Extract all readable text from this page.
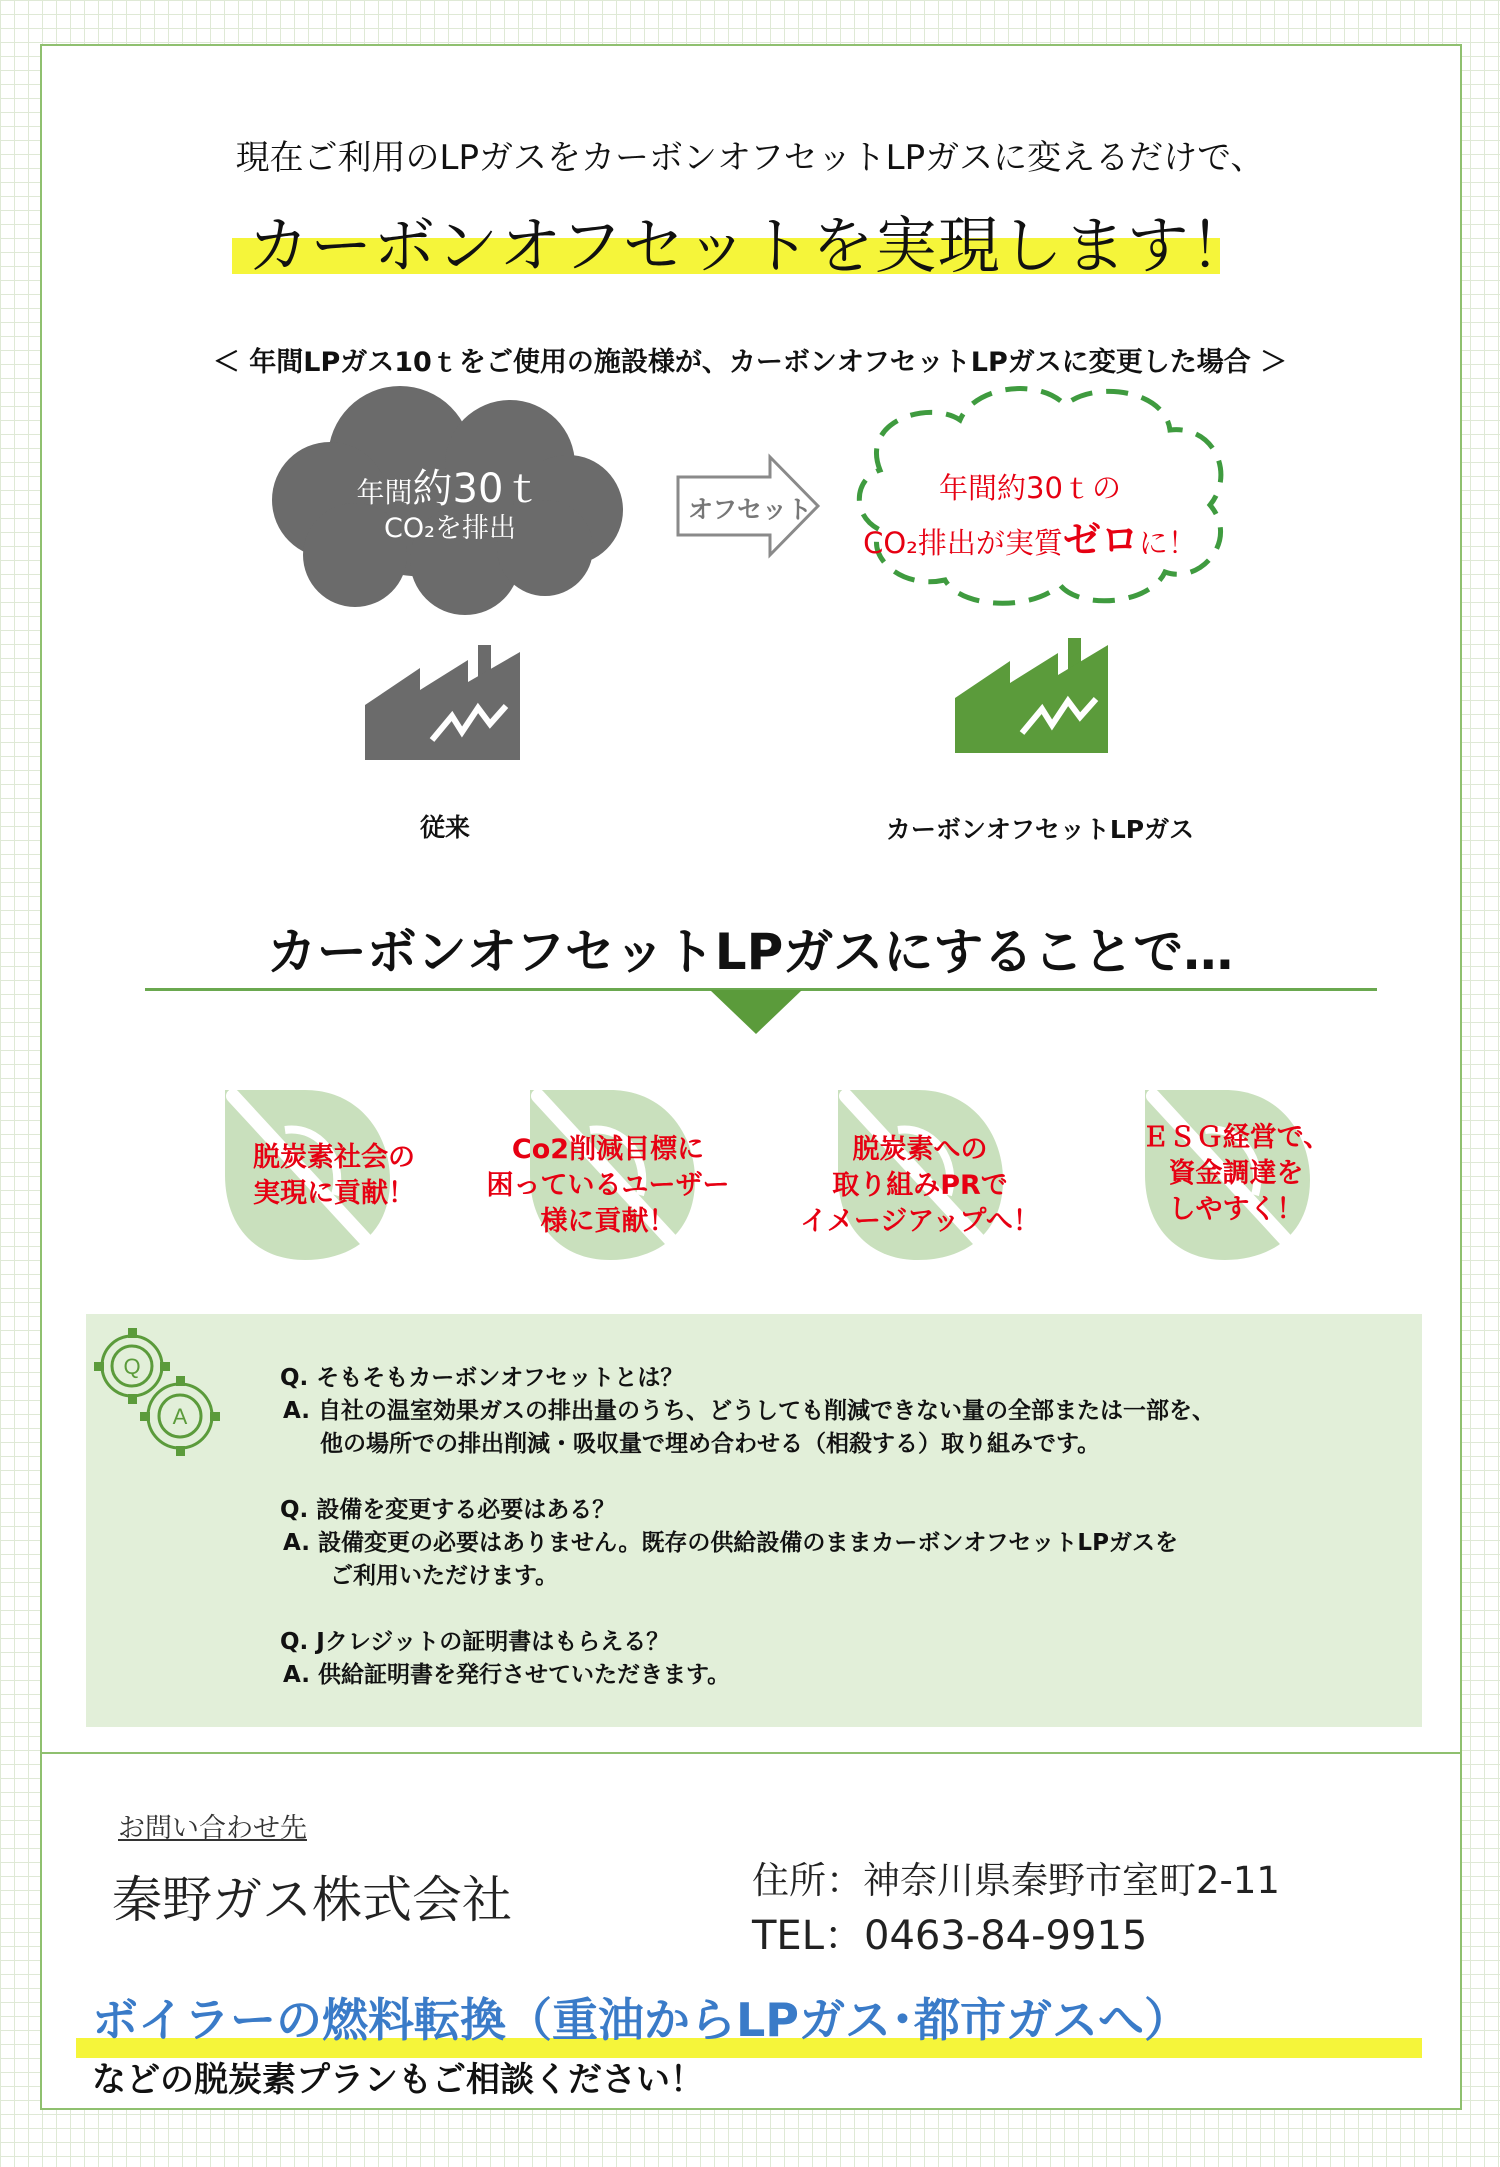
現在ご利用のLPガスをカーボンオフセットLPガスに変えるだけで、
カーボンオフセットを実現します！
＜ 年間LPガス10ｔをご使用の施設様が、カーボンオフセットLPガスに変更した場合 ＞
年間約30ｔ
CO₂を排出
オフセット
年間約30ｔの
CO₂排出が実質ゼロに！
従来	カーボンオフセットLPガス
カーボンオフセットLPガスにすることで…
脱炭素社会の
実現に貢献！
Co2削減目標に
困っているユーザー
様に貢献！
脱炭素への
取り組みPRで
イメージアップへ！
ＥＳＧ経営で、
資金調達を
しやすく！
Q
A
Q. そもそもカーボンオフセットとは？
A. 自社の温室効果ガスの排出量のうち、どうしても削減できない量の全部または一部を、
他の場所での排出削減・吸収量で埋め合わせる（相殺する）取り組みです。
Q. 設備を変更する必要はある？
A. 設備変更の必要はありません。既存の供給設備のままカーボンオフセットLPガスを
ご利用いただけます。
Q. Jクレジットの証明書はもらえる？
A. 供給証明書を発行させていただきます。
お問い合わせ先
秦野ガス株式会社	住所：神奈川県秦野市室町2-11
TEL：0463-84-9915
ボイラーの燃料転換（重油からLPガス･都市ガスへ）
などの脱炭素プランもご相談ください！
